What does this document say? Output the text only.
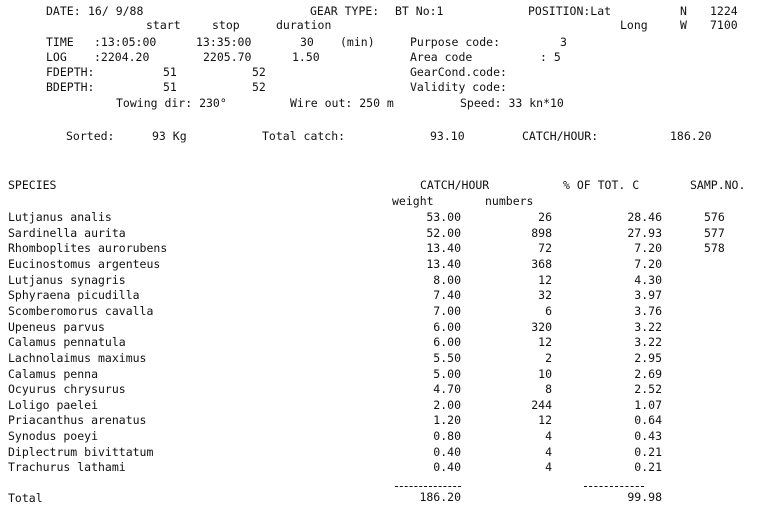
DATE: 16/ 9/88	GEAR TYPE: BT No:1	POSITION:Lat	N 1224
start	stop	duration	Long	W 7100
TIME :13:05:00	13:35:00	30 (min)	Purpose code:	3
LOG :2204.20	2205.70	1.50	Area code	: 5
FDEPTH:	51	52	GearCond.code:
BDEPTH:	51	52	Validity code:
Towing dir: 230°	Wire out: 250 m	Speed: 33 kn*10
Sorted:	93 Kg	Total catch:	93.10	CATCH/HOUR:	186.20
SPECIES	CATCH/HOUR	% OF TOT. C	SAMP.NO.
weight	numbers
Lutjanus analis	53.00	26	28.46	576
Sardinella aurita	52.00	898	27.93	577
Rhomboplites aurorubens	13.40	72	7.20	578
Eucinostomus argenteus	13.40	368	7.20
Lutjanus synagris	8.00	12	4.30
Sphyraena picudilla	7.40	32	3.97
Scomberomorus cavalla	7.00	6	3.76
Upeneus parvus	6.00	320	3.22
Calamus pennatula	6.00	12	3.22
Lachnolaimus maximus	5.50	2	2.95
Calamus penna	5.00	10	2.69
Ocyurus chrysurus	4.70	8	2.52
Loligo paelei	2.00	244	1.07
Priacanthus arenatus	1.20	12	0.64
Synodus poeyi	0.80	4	0.43
Diplectrum bivittatum	0.40	4	0.21
Trachurus lathami	0.40	4	0.21
Total	186.20	99.98
